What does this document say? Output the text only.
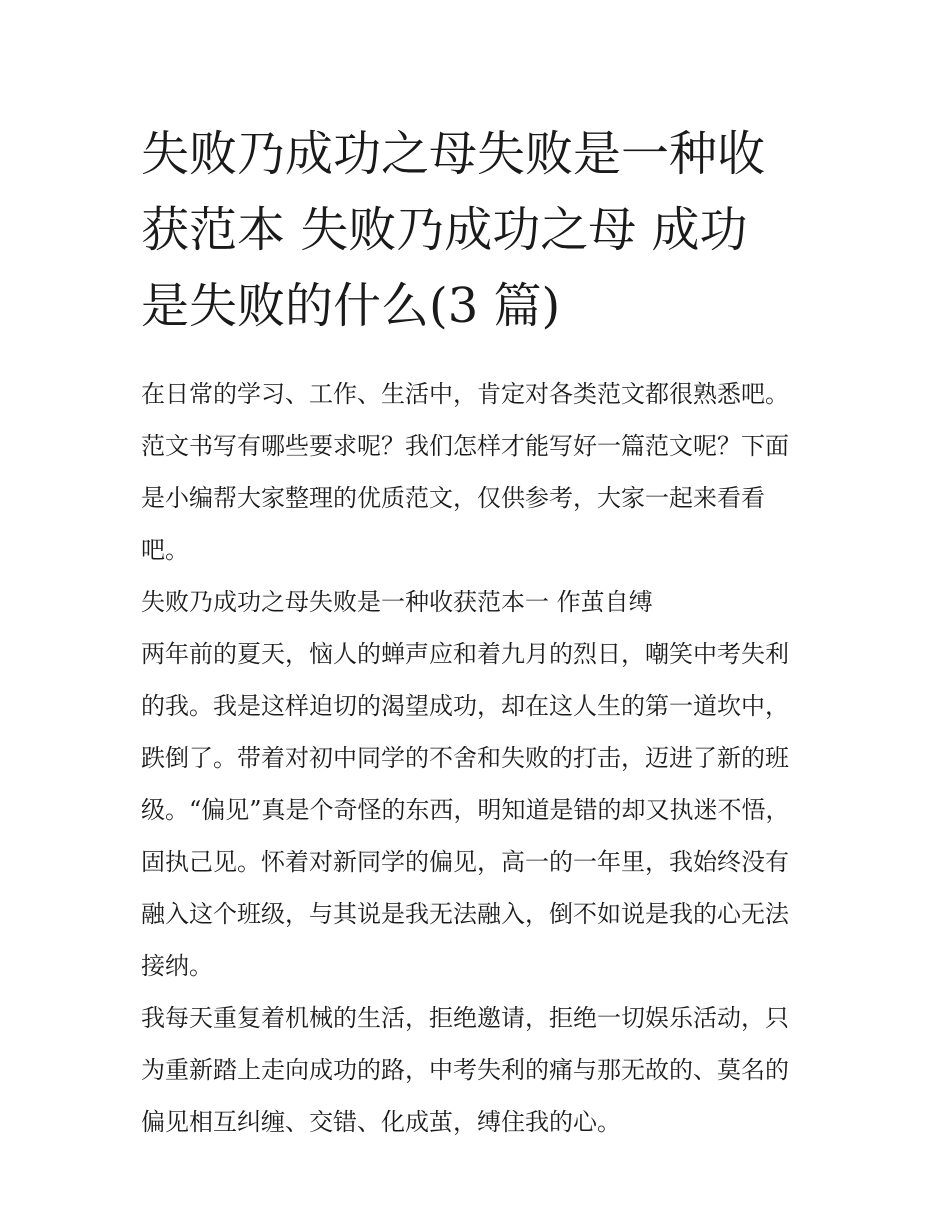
失败乃成功之母失败是一种收
获范本 失败乃成功之母 成功
是失败的什么(3 篇)

在日常的学习、工作、生活中，肯定对各类范文都很熟悉吧。
范文书写有哪些要求呢？我们怎样才能写好一篇范文呢？下面
是小编帮大家整理的优质范文，仅供参考，大家一起来看看
吧。

失败乃成功之母失败是一种收获范本一 作茧自缚

两年前的夏天，恼人的蝉声应和着九月的烈日，嘲笑中考失利
的我。我是这样迫切的渴望成功，却在这人生的第一道坎中，
跌倒了。带着对初中同学的不舍和失败的打击，迈进了新的班
级。“偏见”真是个奇怪的东西，明知道是错的却又执迷不悟，
固执己见。怀着对新同学的偏见，高一的一年里，我始终没有
融入这个班级，与其说是我无法融入，倒不如说是我的心无法
接纳。

我每天重复着机械的生活，拒绝邀请，拒绝一切娱乐活动，只
为重新踏上走向成功的路，中考失利的痛与那无故的、莫名的
偏见相互纠缠、交错、化成茧，缚住我的心。
